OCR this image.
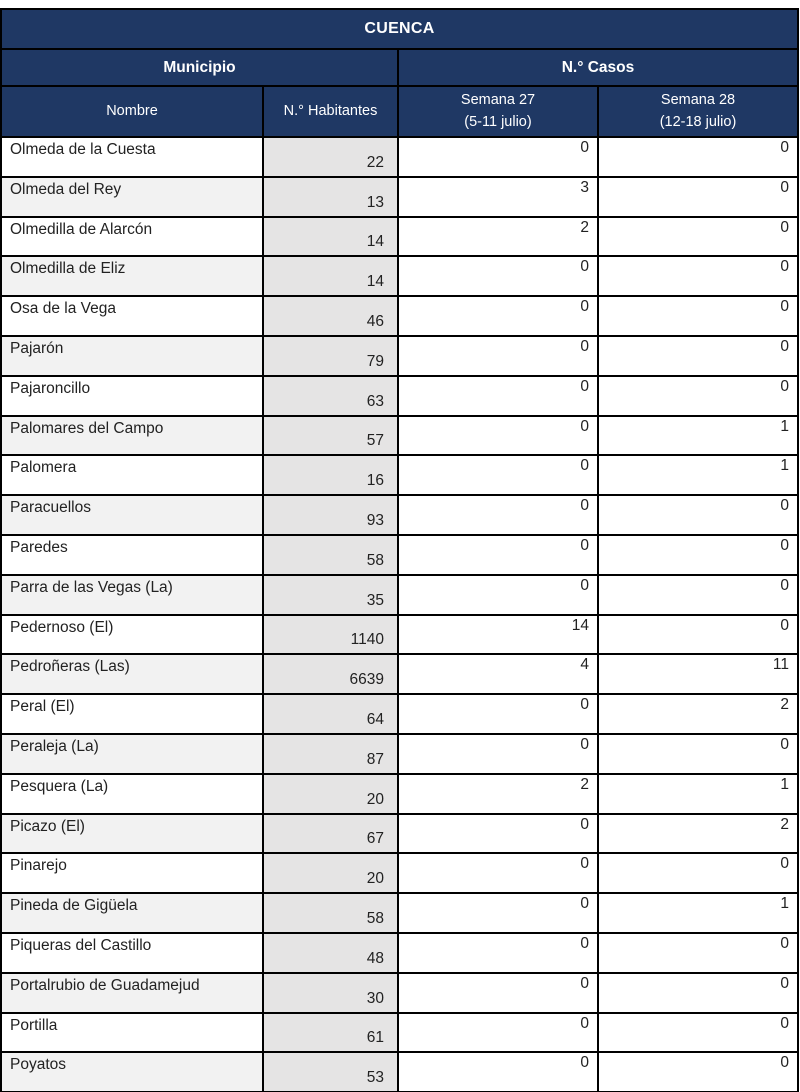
CUENCA			
Municipio		N.° Casos	
Nombre	N.° Habitantes	Semana 27
(5-11 julio)	Semana 28
(12-18 julio)
Olmeda de la Cuesta	22	0	0
Olmeda del Rey	13	3	0
Olmedilla de Alarcón	14	2	0
Olmedilla de Eliz	14	0	0
Osa de la Vega	46	0	0
Pajarón	79	0	0
Pajaroncillo	63	0	0
Palomares del Campo	57	0	1
Palomera	16	0	1
Paracuellos	93	0	0
Paredes	58	0	0
Parra de las Vegas (La)	35	0	0
Pedernoso (El)	1140	14	0
Pedroñeras (Las)	6639	4	11
Peral (El)	64	0	2
Peraleja (La)	87	0	0
Pesquera (La)	20	2	1
Picazo (El)	67	0	2
Pinarejo	20	0	0
Pineda de Gigüela	58	0	1
Piqueras del Castillo	48	0	0
Portalrubio de Guadamejud	30	0	0
Portilla	61	0	0
Poyatos	53	0	0
